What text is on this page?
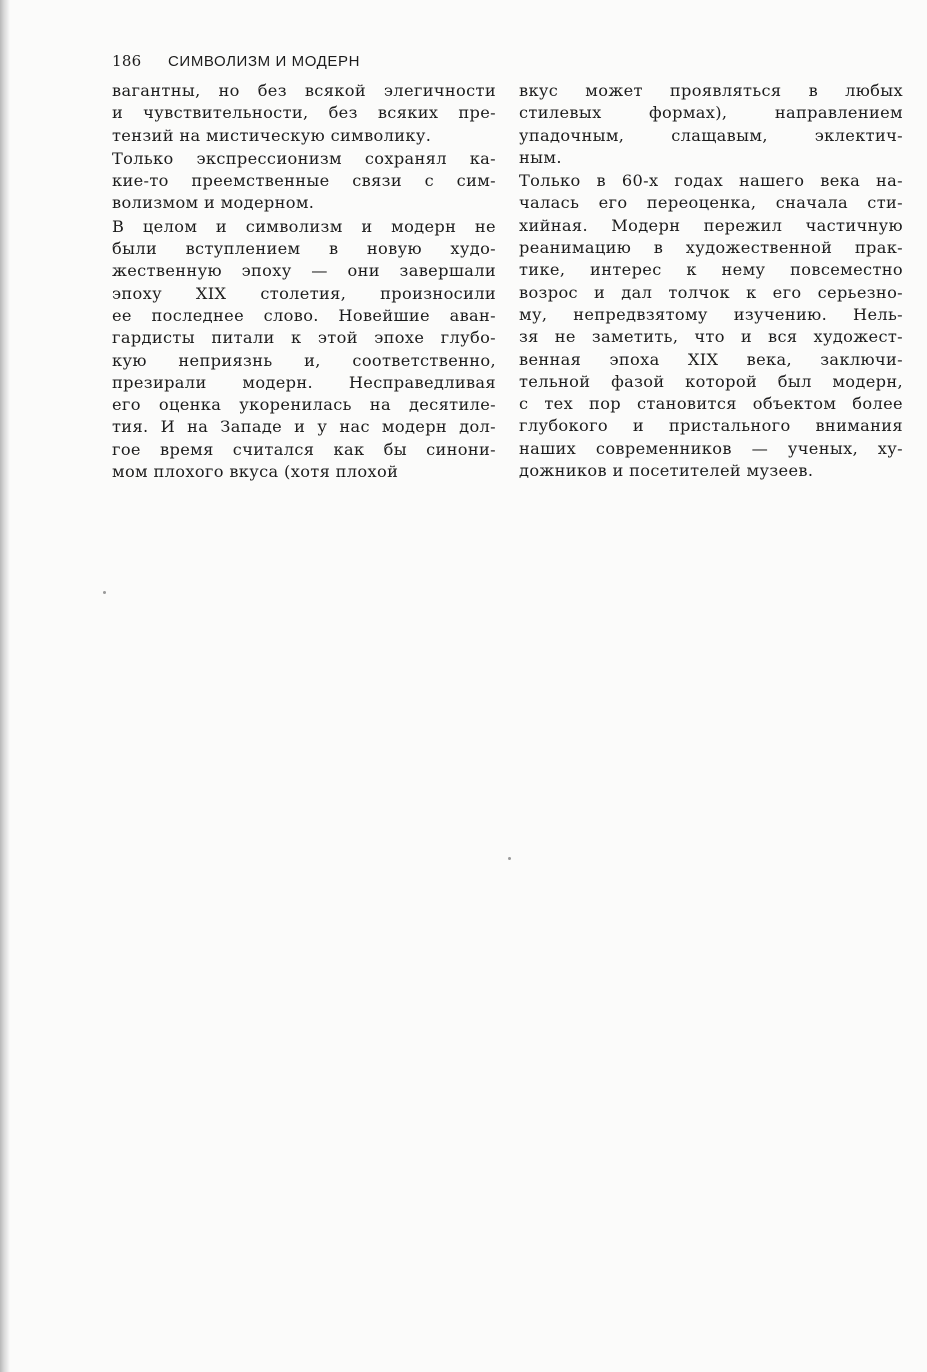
186 СИМВОЛИЗМ И МОДЕРН
вагантны, но без всякой элегичности
и чувствительности, без всяких пре-
тензий на мистическую символику.
Только экспрессионизм сохранял ка-
кие-то преемственные связи с сим-
волизмом и модерном.
В целом и символизм и модерн не
были вступлением в новую худо-
жественную эпоху — они завершали
эпоху XIX столетия, произносили
ее последнее слово. Новейшие аван-
гардисты питали к этой эпохе глубо-
кую неприязнь и, соответственно,
презирали модерн. Несправедливая
его оценка укоренилась на десятиле-
тия. И на Западе и у нас модерн дол-
гое время считался как бы синони-
мом плохого вкуса (хотя плохой
вкус может проявляться в любых
стилевых формах), направлением
упадочным, слащавым, эклектич-
ным.
Только в 60-х годах нашего века на-
чалась его переоценка, сначала сти-
хийная. Модерн пережил частичную
реанимацию в художественной прак-
тике, интерес к нему повсеместно
возрос и дал толчок к его серьезно-
му, непредвзятому изучению. Нель-
зя не заметить, что и вся художест-
венная эпоха XIX века, заключи-
тельной фазой которой был модерн,
с тех пор становится объектом более
глубокого и пристального внимания
наших современников — ученых, ху-
дожников и посетителей музеев.
